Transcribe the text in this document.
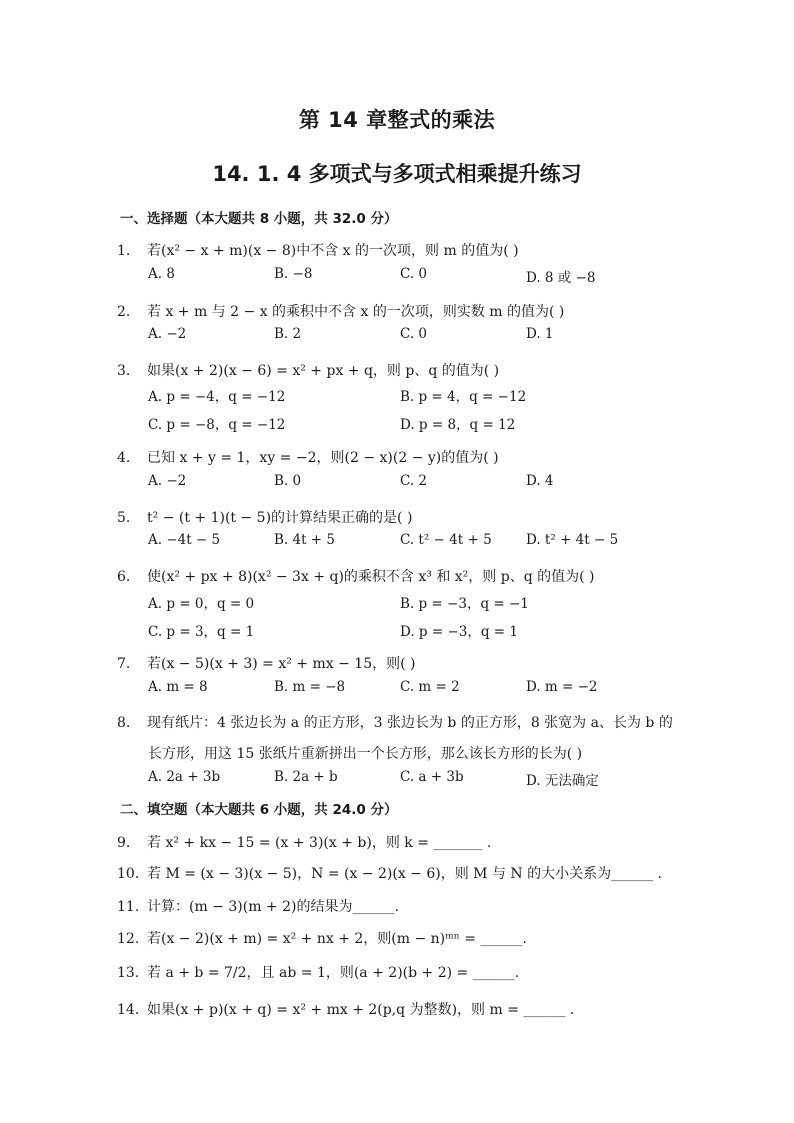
第 14 章整式的乘法
14. 1. 4 多项式与多项式相乘提升练习
一、选择题（本大题共 8 小题，共 32.0 分）
1. 若(x² − x + m)(x − 8)中不含 x 的一次项，则 m 的值为( )
A. 8	B. −8	C. 0	D. 8 或 −8
2. 若 x + m 与 2 − x 的乘积中不含 x 的一次项，则实数 m 的值为( )
A. −2	B. 2	C. 0	D. 1
3. 如果(x + 2)(x − 6) = x² + px + q，则 p、q 的值为( )
A. p = −4，q = −12	B. p = 4，q = −12
C. p = −8，q = −12	D. p = 8，q = 12
4. 已知 x + y = 1，xy = −2，则(2 − x)(2 − y)的值为( )
A. −2	B. 0	C. 2	D. 4
5. t² − (t + 1)(t − 5)的计算结果正确的是( )
A. −4t − 5	B. 4t + 5	C. t² − 4t + 5	D. t² + 4t − 5
6. 使(x² + px + 8)(x² − 3x + q)的乘积不含 x³ 和 x²，则 p、q 的值为( )
A. p = 0，q = 0	B. p = −3，q = −1
C. p = 3，q = 1	D. p = −3，q = 1
7. 若(x − 5)(x + 3) = x² + mx − 15，则( )
A. m = 8	B. m = −8	C. m = 2	D. m = −2
8. 现有纸片：4 张边长为 a 的正方形，3 张边长为 b 的正方形，8 张宽为 a、长为 b 的
长方形，用这 15 张纸片重新拼出一个长方形，那么该长方形的长为( )
A. 2a + 3b	B. 2a + b	C. a + 3b	D. 无法确定
二、填空题（本大题共 6 小题，共 24.0 分）
9. 若 x² + kx − 15 = (x + 3)(x + b)，则 k = _______ .
10. 若 M = (x − 3)(x − 5)，N = (x − 2)(x − 6)，则 M 与 N 的大小关系为______ .
11. 计算：(m − 3)(m + 2)的结果为______.
12. 若(x − 2)(x + m) = x² + nx + 2，则(m − n)ᵐⁿ = ______.
13. 若 a + b = 7/2，且 ab = 1，则(a + 2)(b + 2) = ______.
14. 如果(x + p)(x + q) = x² + mx + 2(p,q 为整数)，则 m = ______ .
